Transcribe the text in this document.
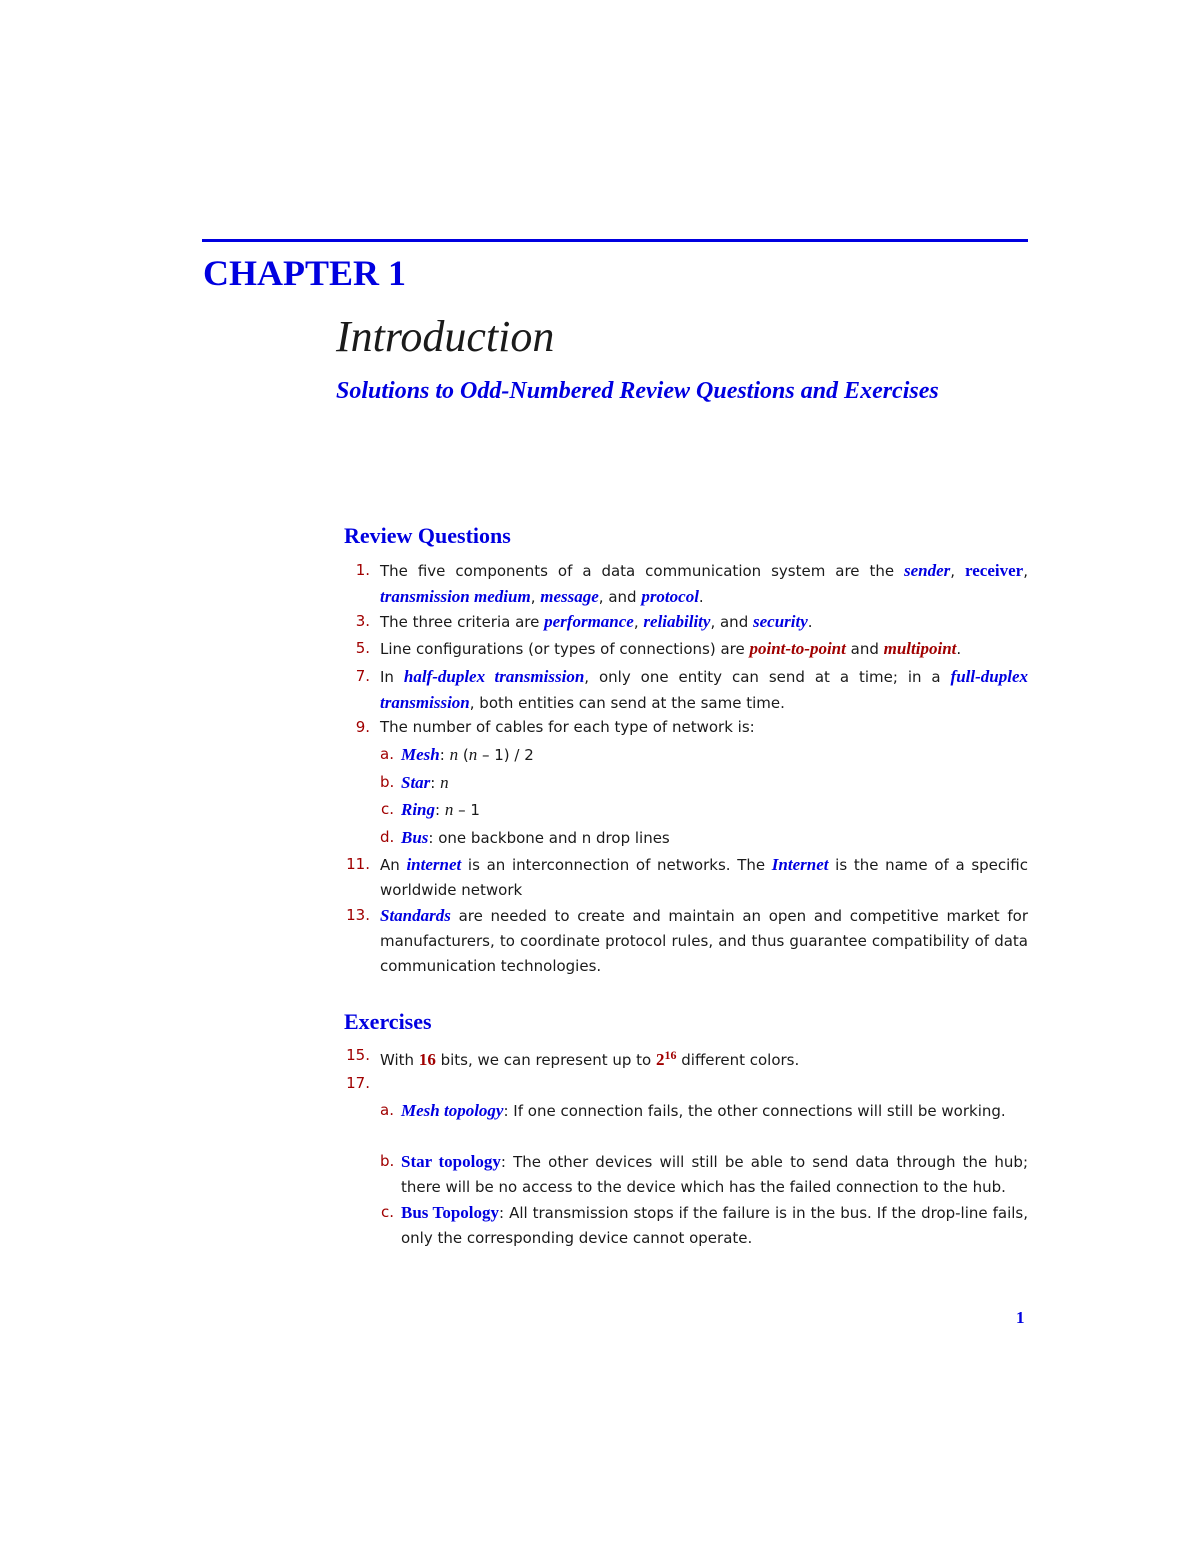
CHAPTER 1
Introduction
Solutions to Odd-Numbered Review Questions and Exercises
Review Questions
1. The five components of a data communication system are the sender, receiver, transmission medium, message, and protocol.
3. The three criteria are performance, reliability, and security.
5. Line configurations (or types of connections) are point-to-point and multipoint.
7. In half-duplex transmission, only one entity can send at a time; in a full-duplex transmission, both entities can send at the same time.
9. The number of cables for each type of network is:
a. Mesh: n (n – 1) / 2
b. Star: n
c. Ring: n – 1
d. Bus: one backbone and n drop lines
11. An internet is an interconnection of networks. The Internet is the name of a specific worldwide network
13. Standards are needed to create and maintain an open and competitive market for manufacturers, to coordinate protocol rules, and thus guarantee compatibility of data communication technologies.
Exercises
15. With 16 bits, we can represent up to $2^{16}$ different colors.
17.
a. Mesh topology: If one connection fails, the other connections will still be working.
b. Star topology: The other devices will still be able to send data through the hub; there will be no access to the device which has the failed connection to the hub.
c. Bus Topology: All transmission stops if the failure is in the bus. If the drop-line fails, only the corresponding device cannot operate.
1
